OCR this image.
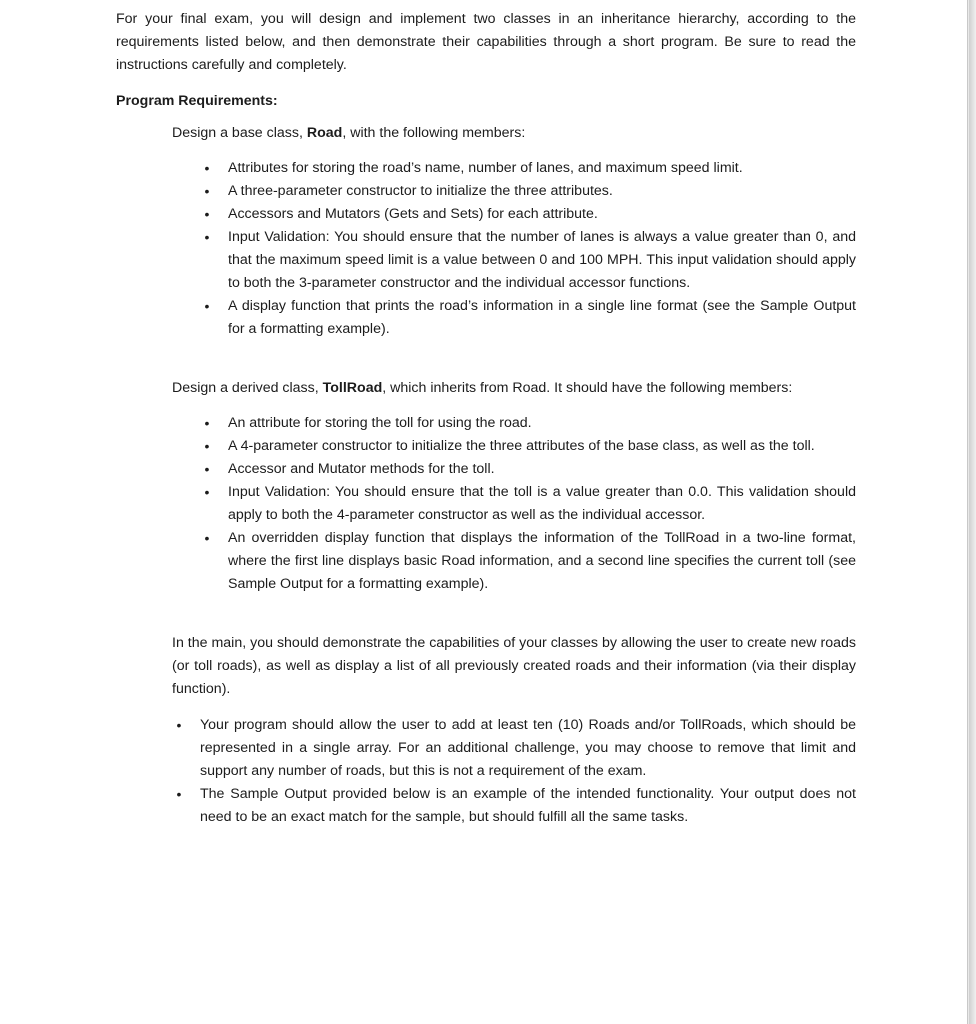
For your final exam, you will design and implement two classes in an inheritance hierarchy, according to the requirements listed below, and then demonstrate their capabilities through a short program. Be sure to read the instructions carefully and completely.

Program Requirements:

Design a base class, Road, with the following members:

• Attributes for storing the road’s name, number of lanes, and maximum speed limit.
• A three-parameter constructor to initialize the three attributes.
• Accessors and Mutators (Gets and Sets) for each attribute.
• Input Validation: You should ensure that the number of lanes is always a value greater than 0, and that the maximum speed limit is a value between 0 and 100 MPH. This input validation should apply to both the 3-parameter constructor and the individual accessor functions.
• A display function that prints the road’s information in a single line format (see the Sample Output for a formatting example).

Design a derived class, TollRoad, which inherits from Road. It should have the following members:

• An attribute for storing the toll for using the road.
• A 4-parameter constructor to initialize the three attributes of the base class, as well as the toll.
• Accessor and Mutator methods for the toll.
• Input Validation: You should ensure that the toll is a value greater than 0.0. This validation should apply to both the 4-parameter constructor as well as the individual accessor.
• An overridden display function that displays the information of the TollRoad in a two-line format, where the first line displays basic Road information, and a second line specifies the current toll (see Sample Output for a formatting example).

In the main, you should demonstrate the capabilities of your classes by allowing the user to create new roads (or toll roads), as well as display a list of all previously created roads and their information (via their display function).

• Your program should allow the user to add at least ten (10) Roads and/or TollRoads, which should be represented in a single array. For an additional challenge, you may choose to remove that limit and support any number of roads, but this is not a requirement of the exam.
• The Sample Output provided below is an example of the intended functionality. Your output does not need to be an exact match for the sample, but should fulfill all the same tasks.
